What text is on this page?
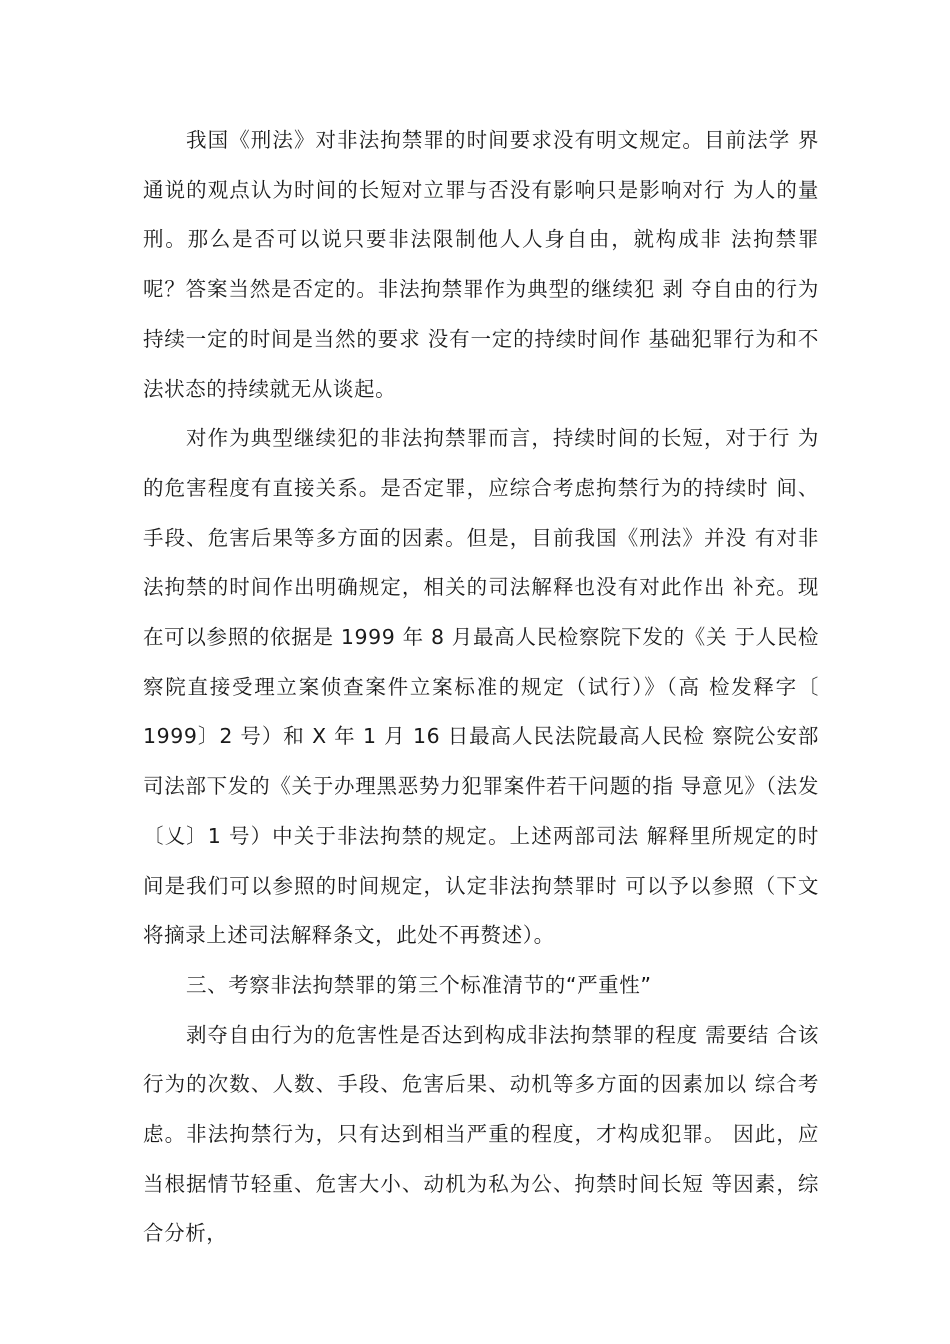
我国《刑法》对非法拘禁罪的时间要求没有明文规定。目前法学 界通说的观点认为时间的长短对立罪与否没有影响只是影响对行 为人的量刑。那么是否可以说只要非法限制他人人身自由，就构成非 法拘禁罪呢？答案当然是否定的。非法拘禁罪作为典型的继续犯 剥 夺自由的行为持续一定的时间是当然的要求 没有一定的持续时间作 基础犯罪行为和不法状态的持续就无从谈起。

对作为典型继续犯的非法拘禁罪而言，持续时间的长短，对于行 为的危害程度有直接关系。是否定罪，应综合考虑拘禁行为的持续时 间、手段、危害后果等多方面的因素。但是，目前我国《刑法》并没 有对非法拘禁的时间作出明确规定，相关的司法解释也没有对此作出 补充。现在可以参照的依据是 1999 年 8 月最高人民检察院下发的《关 于人民检察院直接受理立案侦查案件立案标准的规定（试行）》（高 检发释字〔 1999〕2 号）和 X 年 1 月 16 日最高人民法院最高人民检 察院公安部司法部下发的《关于办理黑恶势力犯罪案件若干问题的指 导意见》（法发〔乂〕1 号）中关于非法拘禁的规定。上述两部司法 解释里所规定的时间是我们可以参照的时间规定，认定非法拘禁罪时 可以予以参照（下文将摘录上述司法解释条文，此处不再赘述）。

三、考察非法拘禁罪的第三个标准清节的“严重性”

剥夺自由行为的危害性是否达到构成非法拘禁罪的程度 需要结 合该行为的次数、人数、手段、危害后果、动机等多方面的因素加以 综合考虑。非法拘禁行为，只有达到相当严重的程度，才构成犯罪。 因此，应当根据情节轻重、危害大小、动机为私为公、拘禁时间长短 等因素，综合分析，
